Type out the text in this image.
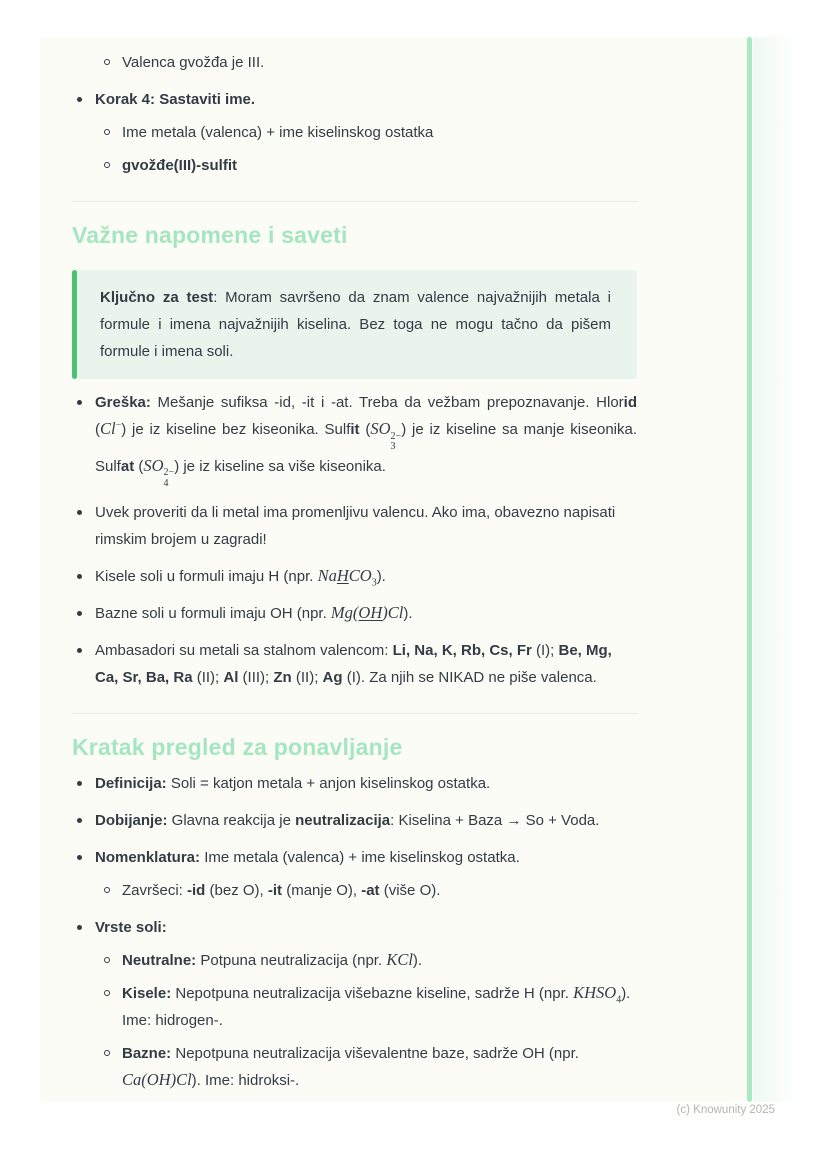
Valenca gvožđa je III.
Korak 4: Sastaviti ime.
Ime metala (valenca) + ime kiselinskog ostatka
gvožđe(III)-sulfit
Važne napomene i saveti

Ključno za test: Moram savršeno da znam valence najvažnijih metala i formule i imena najvažnijih kiselina. Bez toga ne mogu tačno da pišem formule i imena soli.

Greška: Mešanje sufiksa -id, -it i -at. Treba da vežbam prepoznavanje. Hlorid (Cl−) je iz kiseline bez kiseonika. Sulfit (SO 2−
3
) je iz kiseline sa manje kiseonika. Sulfat (SO 2−
4
) je iz kiseline sa više kiseonika.
Uvek proveriti da li metal ima promenljivu valencu. Ako ima, obavezno napisati rimskim brojem u zagradi!
Kisele soli u formuli imaju H (npr. NaHCO$_3$).
Bazne soli u formuli imaju OH (npr. Mg(OH)Cl).
Ambasadori su metali sa stalnom valencom: Li, Na, K, Rb, Cs, Fr (I); Be, Mg, Ca, Sr, Ba, Ra (II); Al (III); Zn (II); Ag (I). Za njih se NIKAD ne piše valenca.
Kratak pregled za ponavljanje
Definicija: Soli = katjon metala + anjon kiselinskog ostatka.
Dobijanje: Glavna reakcija je neutralizacija: Kiselina + Baza → So + Voda.
Nomenklatura: Ime metala (valenca) + ime kiselinskog ostatka.
Završeci: -id (bez O), -it (manje O), -at (više O).
Vrste soli:
Neutralne: Potpuna neutralizacija (npr. KCl).
Kisele: Nepotpuna neutralizacija višebazne kiseline, sadrže H (npr. $KHSO_4$). Ime: hidrogen-.
Bazne: Nepotpuna neutralizacija viševalentne baze, sadrže OH (npr. Ca(OH)Cl). Ime: hidroksi-.
(c) Knowunity 2025
